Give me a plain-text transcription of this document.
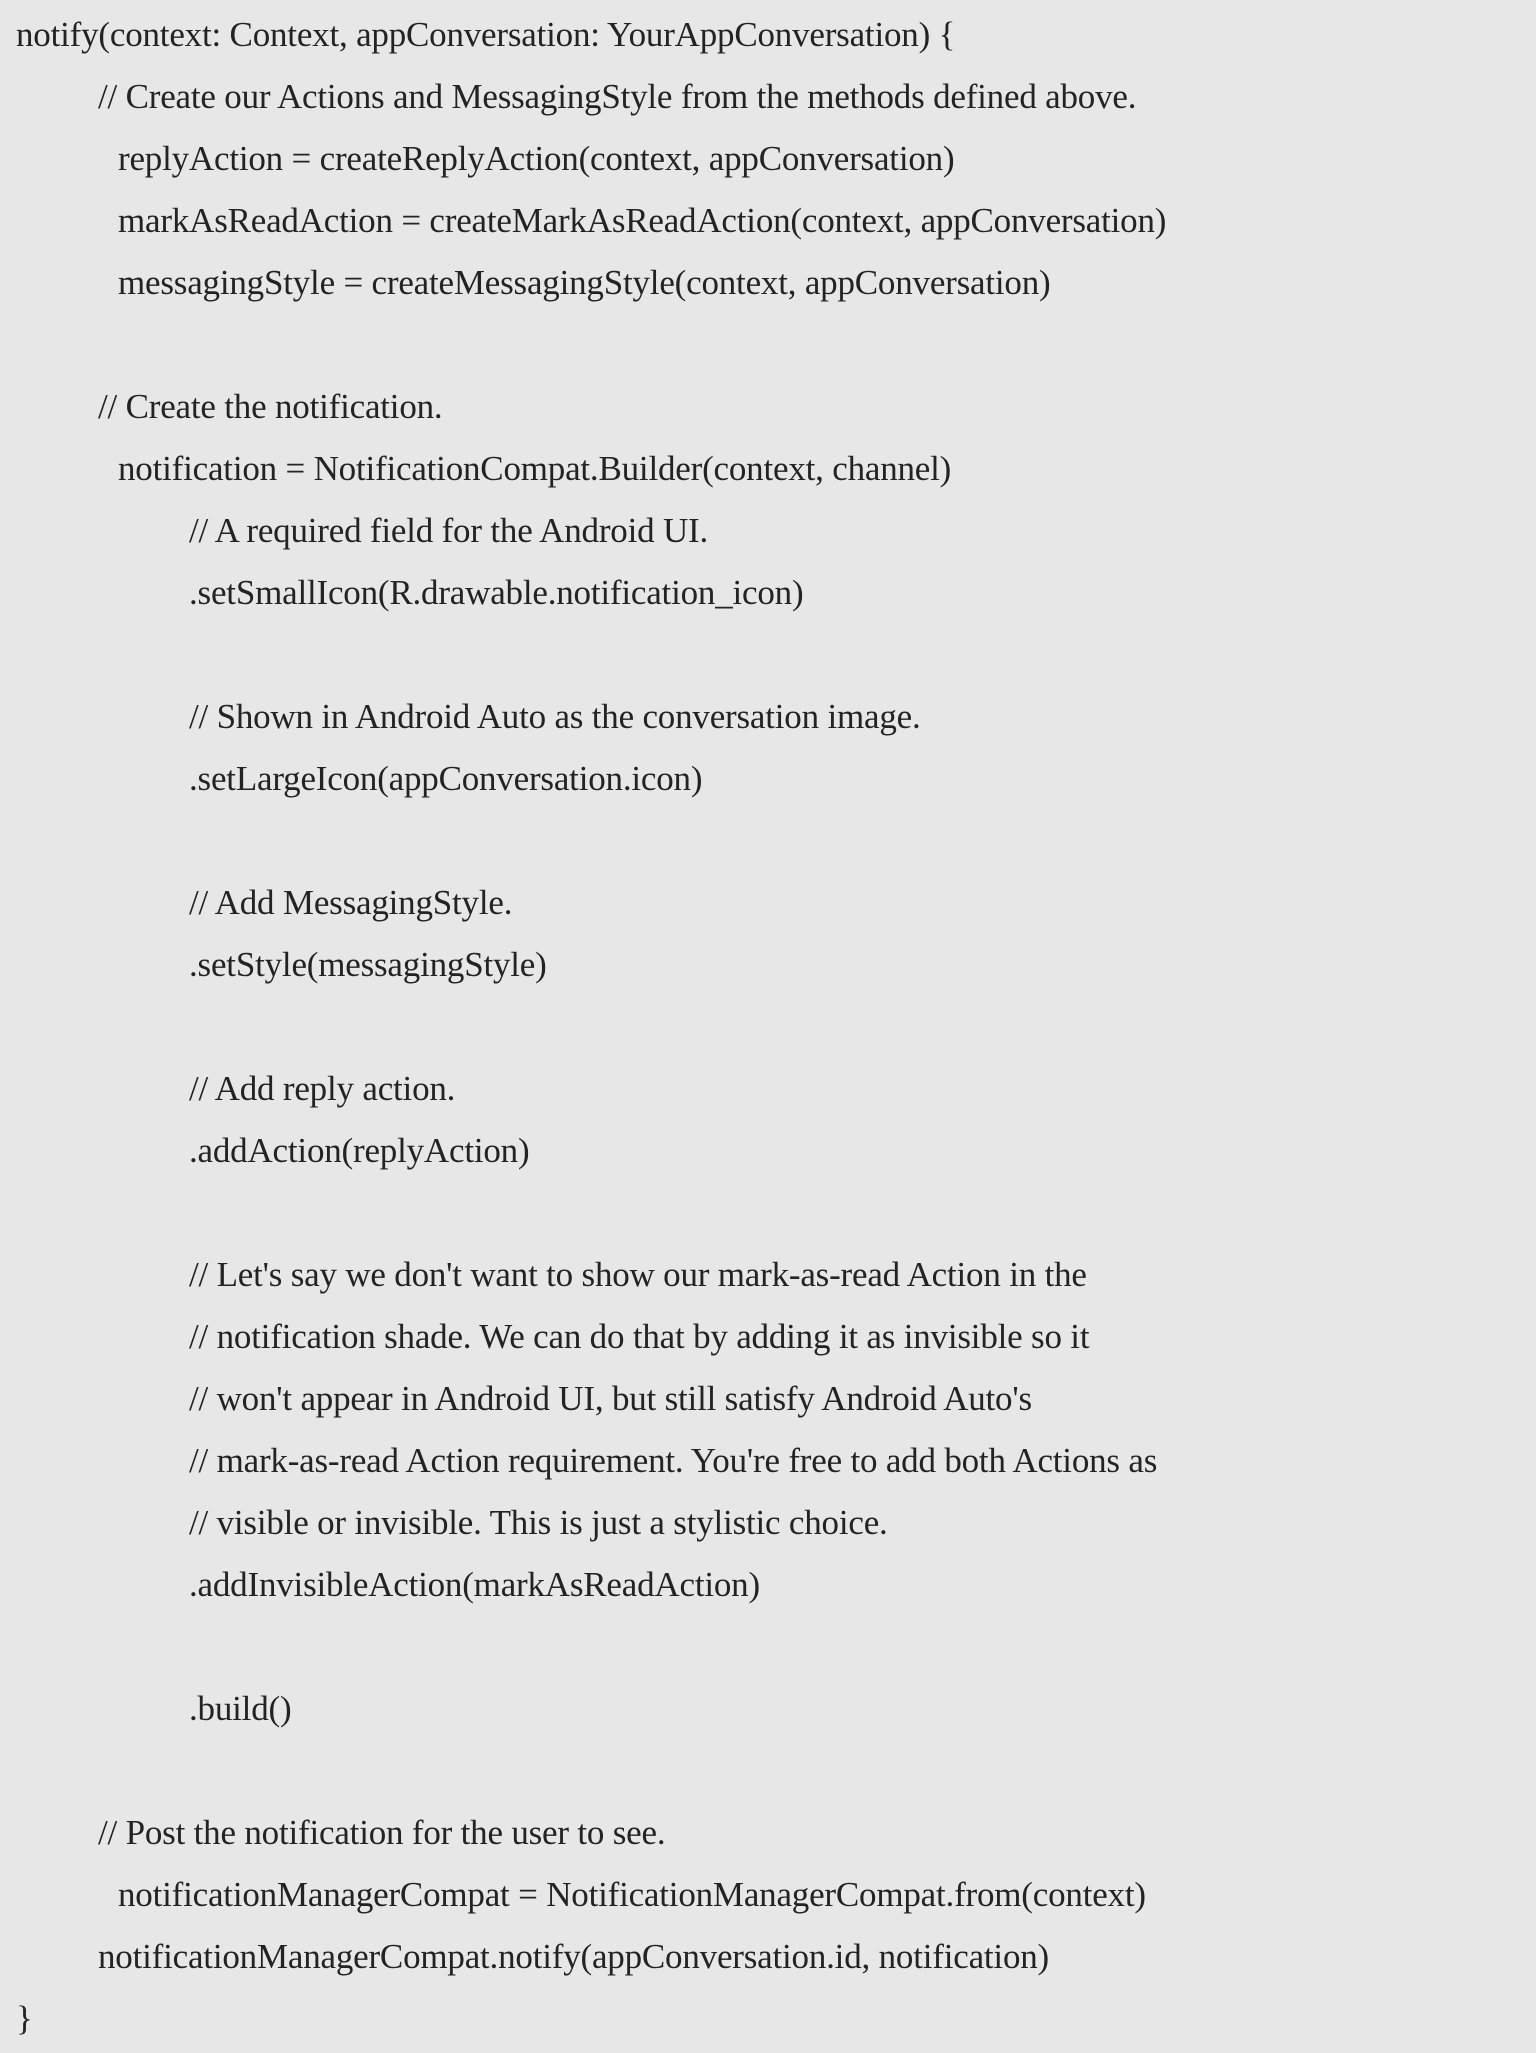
notify(context: Context, appConversation: YourAppConversation) {
// Create our Actions and MessagingStyle from the methods defined above.
replyAction = createReplyAction(context, appConversation)
markAsReadAction = createMarkAsReadAction(context, appConversation)
messagingStyle = createMessagingStyle(context, appConversation)
// Create the notification.
notification = NotificationCompat.Builder(context, channel)
// A required field for the Android UI.
.setSmallIcon(R.drawable.notification_icon)
// Shown in Android Auto as the conversation image.
.setLargeIcon(appConversation.icon)
// Add MessagingStyle.
.setStyle(messagingStyle)
// Add reply action.
.addAction(replyAction)
// Let's say we don't want to show our mark-as-read Action in the
// notification shade. We can do that by adding it as invisible so it
// won't appear in Android UI, but still satisfy Android Auto's
// mark-as-read Action requirement. You're free to add both Actions as
// visible or invisible. This is just a stylistic choice.
.addInvisibleAction(markAsReadAction)
.build()
// Post the notification for the user to see.
notificationManagerCompat = NotificationManagerCompat.from(context)
notificationManagerCompat.notify(appConversation.id, notification)
}
